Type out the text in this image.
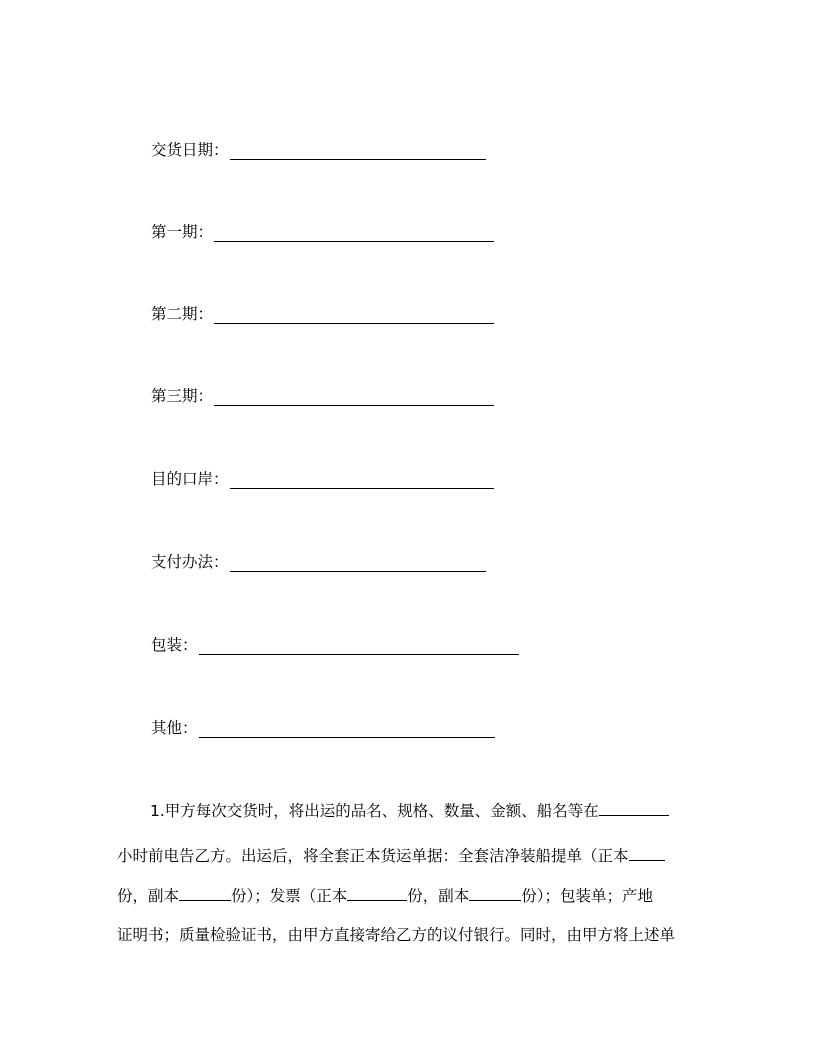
交货日期：
第一期：
第二期：
第三期：
目的口岸：
支付办法：
包装：
其他：
1.甲方每次交货时，将出运的品名、规格、数量、金额、船名等在
小时前电告乙方。出运后，将全套正本货运单据：全套洁净装船提单（正本
份，副本	份）；发票（正本	份，副本	份）；包装单；产地
证明书；质量检验证书，由甲方直接寄给乙方的议付银行。同时，由甲方将上述单
